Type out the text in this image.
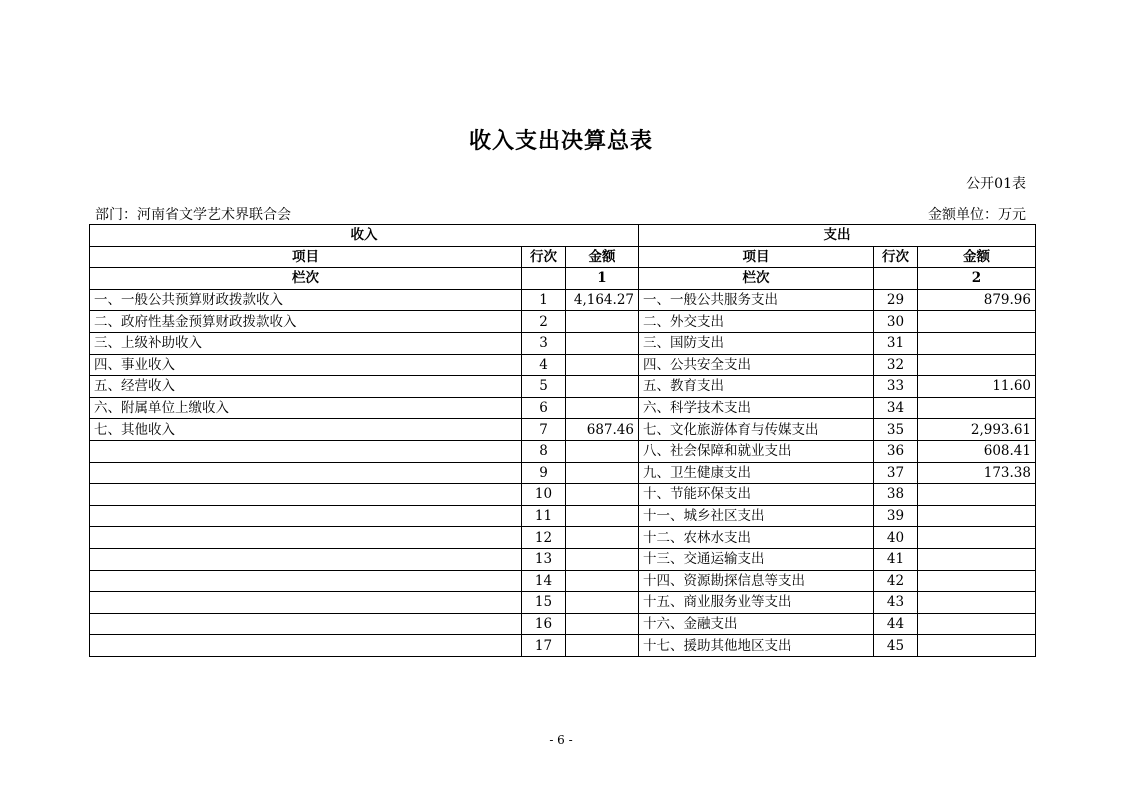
收入支出决算总表
公开01表
部门：河南省文学艺术界联合会	金额单位：万元
收入			支出		
项目	行次	金额	项目	行次	金额
栏次		1	栏次		2
一、一般公共预算财政拨款收入	1	4,164.27	一、一般公共服务支出	29	879.96
二、政府性基金预算财政拨款收入	2		二、外交支出	30	
三、上级补助收入	3		三、国防支出	31	
四、事业收入	4		四、公共安全支出	32	
五、经营收入	5		五、教育支出	33	11.60
六、附属单位上缴收入	6		六、科学技术支出	34	
七、其他收入	7	687.46	七、文化旅游体育与传媒支出	35	2,993.61
	8		八、社会保障和就业支出	36	608.41
	9		九、卫生健康支出	37	173.38
	10		十、节能环保支出	38	
	11		十一、城乡社区支出	39	
	12		十二、农林水支出	40	
	13		十三、交通运输支出	41	
	14		十四、资源勘探信息等支出	42	
	15		十五、商业服务业等支出	43	
	16		十六、金融支出	44	
	17		十七、援助其他地区支出	45	
- 6 -
